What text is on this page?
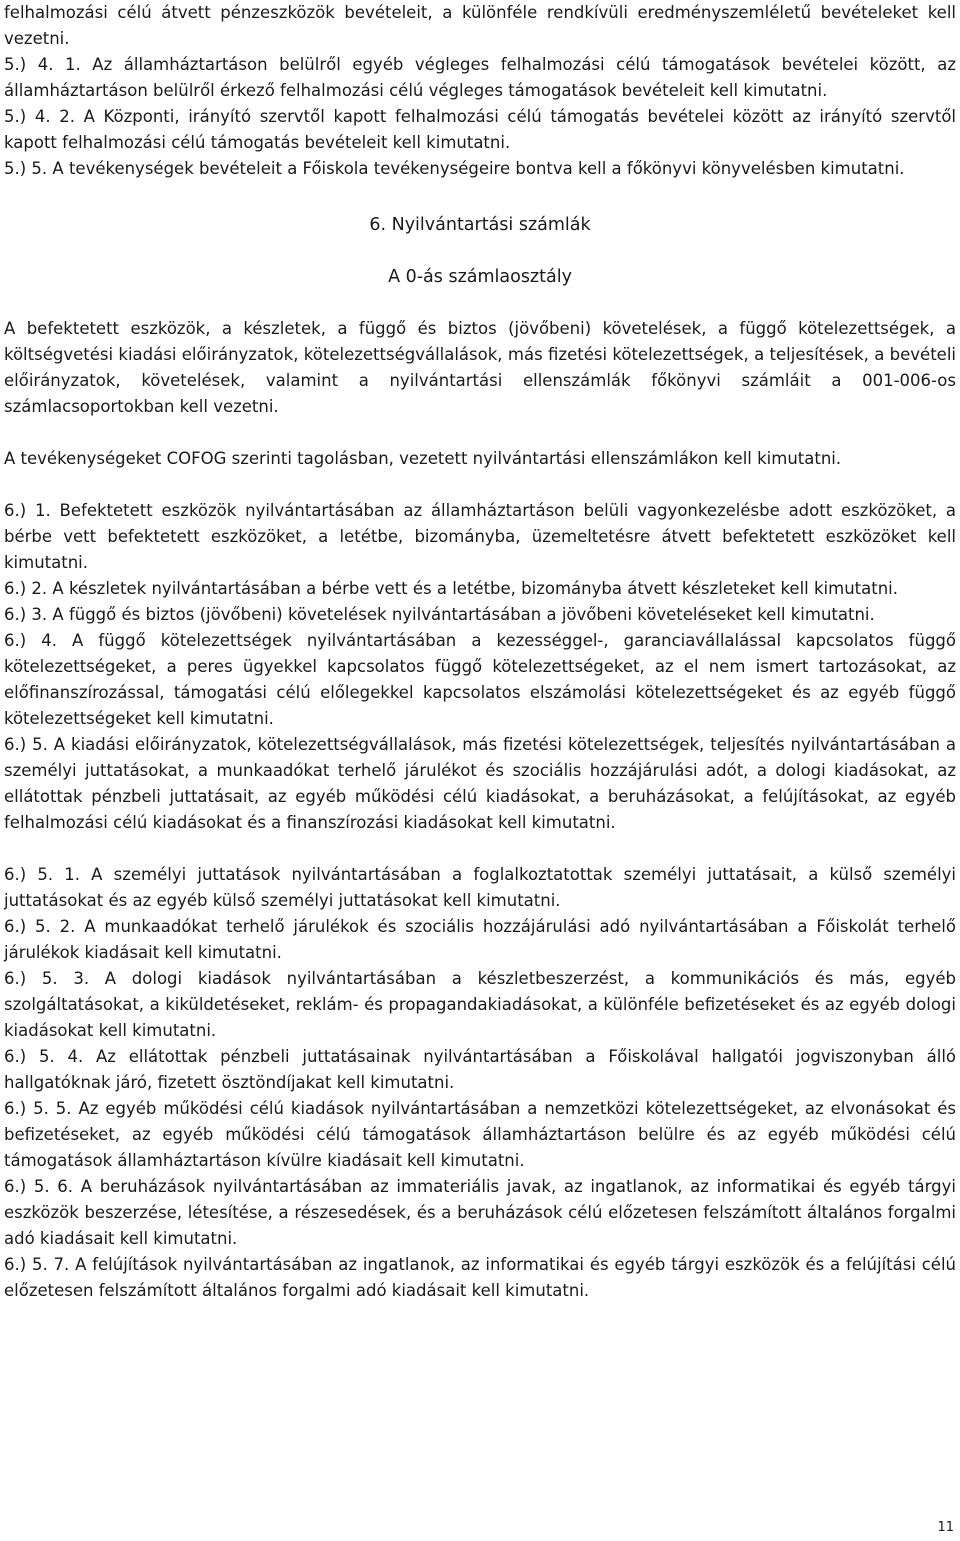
felhalmozási célú átvett pénzeszközök bevételeit, a különféle rendkívüli eredményszemléletű bevételeket kell vezetni.

5.) 4. 1. Az államháztartáson belülről egyéb végleges felhalmozási célú támogatások bevételei között, az államháztartáson belülről érkező felhalmozási célú végleges támogatások bevételeit kell kimutatni.

5.) 4. 2. A Központi, irányító szervtől kapott felhalmozási célú támogatás bevételei között az irányító szervtől kapott felhalmozási célú támogatás bevételeit kell kimutatni.

5.) 5. A tevékenységek bevételeit a Főiskola tevékenységeire bontva kell a főkönyvi könyvelésben kimutatni.

6. Nyilvántartási számlák

A 0-ás számlaosztály

A befektetett eszközök, a készletek, a függő és biztos (jövőbeni) követelések, a függő kötelezettségek, a költségvetési kiadási előirányzatok, kötelezettségvállalások, más fizetési kötelezettségek, a teljesítések, a bevételi előirányzatok, követelések, valamint a nyilvántartási ellenszámlák főkönyvi számláit a 001-006-os számlacsoportokban kell vezetni.

A tevékenységeket COFOG szerinti tagolásban, vezetett nyilvántartási ellenszámlákon kell kimutatni.

6.) 1. Befektetett eszközök nyilvántartásában az államháztartáson belüli vagyonkezelésbe adott eszközöket, a bérbe vett befektetett eszközöket, a letétbe, bizományba, üzemeltetésre átvett befektetett eszközöket kell kimutatni.

6.) 2. A készletek nyilvántartásában a bérbe vett és a letétbe, bizományba átvett készleteket kell kimutatni.

6.) 3. A függő és biztos (jövőbeni) követelések nyilvántartásában a jövőbeni követeléseket kell kimutatni.

6.) 4. A függő kötelezettségek nyilvántartásában a kezességgel-, garanciavállalással kapcsolatos függő kötelezettségeket, a peres ügyekkel kapcsolatos függő kötelezettségeket, az el nem ismert tartozásokat, az előfinanszírozással, támogatási célú előlegekkel kapcsolatos elszámolási kötelezettségeket és az egyéb függő kötelezettségeket kell kimutatni.

6.) 5. A kiadási előirányzatok, kötelezettségvállalások, más fizetési kötelezettségek, teljesítés nyilvántartásában a személyi juttatásokat, a munkaadókat terhelő járulékot és szociális hozzájárulási adót, a dologi kiadásokat, az ellátottak pénzbeli juttatásait, az egyéb működési célú kiadásokat, a beruházásokat, a felújításokat, az egyéb felhalmozási célú kiadásokat és a finanszírozási kiadásokat kell kimutatni.

6.) 5. 1. A személyi juttatások nyilvántartásában a foglalkoztatottak személyi juttatásait, a külső személyi juttatásokat és az egyéb külső személyi juttatásokat kell kimutatni.

6.) 5. 2. A munkaadókat terhelő járulékok és szociális hozzájárulási adó nyilvántartásában a Főiskolát terhelő járulékok kiadásait kell kimutatni.

6.) 5. 3. A dologi kiadások nyilvántartásában a készletbeszerzést, a kommunikációs és más, egyéb szolgáltatásokat, a kiküldetéseket, reklám- és propagandakiadásokat, a különféle befizetéseket és az egyéb dologi kiadásokat kell kimutatni.

6.) 5. 4. Az ellátottak pénzbeli juttatásainak nyilvántartásában a Főiskolával hallgatói jogviszonyban álló hallgatóknak járó, fizetett ösztöndíjakat kell kimutatni.

6.) 5. 5. Az egyéb működési célú kiadások nyilvántartásában a nemzetközi kötelezettségeket, az elvonásokat és befizetéseket, az egyéb működési célú támogatások államháztartáson belülre és az egyéb működési célú támogatások államháztartáson kívülre kiadásait kell kimutatni.

6.) 5. 6. A beruházások nyilvántartásában az immateriális javak, az ingatlanok, az informatikai és egyéb tárgyi eszközök beszerzése, létesítése, a részesedések, és a beruházások célú előzetesen felszámított általános forgalmi adó kiadásait kell kimutatni.

6.) 5. 7. A felújítások nyilvántartásában az ingatlanok, az informatikai és egyéb tárgyi eszközök és a felújítási célú előzetesen felszámított általános forgalmi adó kiadásait kell kimutatni.

11
